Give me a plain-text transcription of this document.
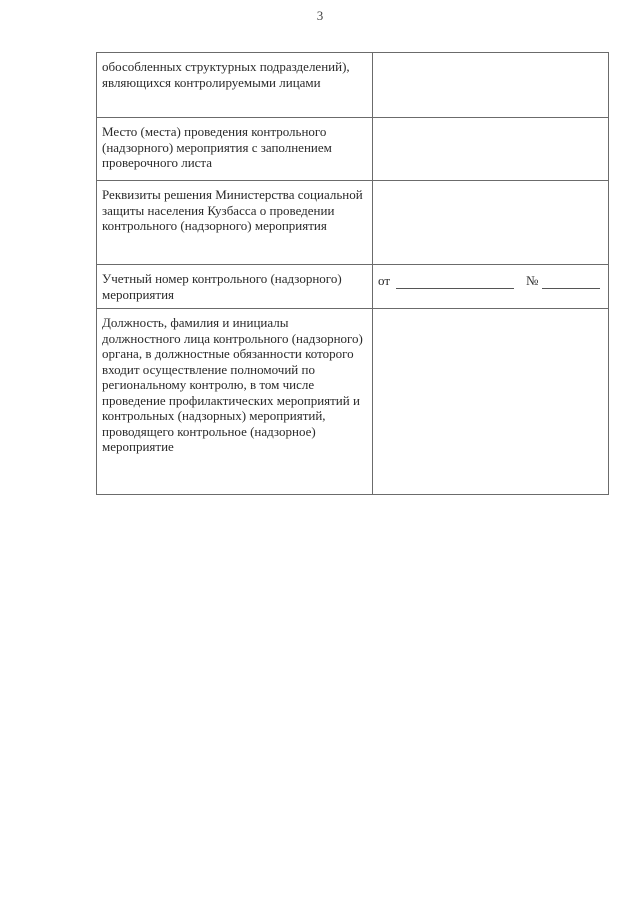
3
обособленных структурных подразделений), являющихся контролируемыми лицами	
Место (места) проведения контрольного (надзорного) мероприятия с заполнением проверочного листа	
Реквизиты решения Министерства социальной защиты населения Кузбасса о проведении контрольного (надзорного) мероприятия	
Учетный номер контрольного (надзорного) мероприятия	от №

Должность, фамилия и инициалы должностного лица контрольного (надзорного) органа, в должностные обязанности которого входит осуществление полномочий по региональному контролю, в том числе проведение профилактических мероприятий и контрольных (надзорных) мероприятий, проводящего контрольное (надзорное) мероприятие	
